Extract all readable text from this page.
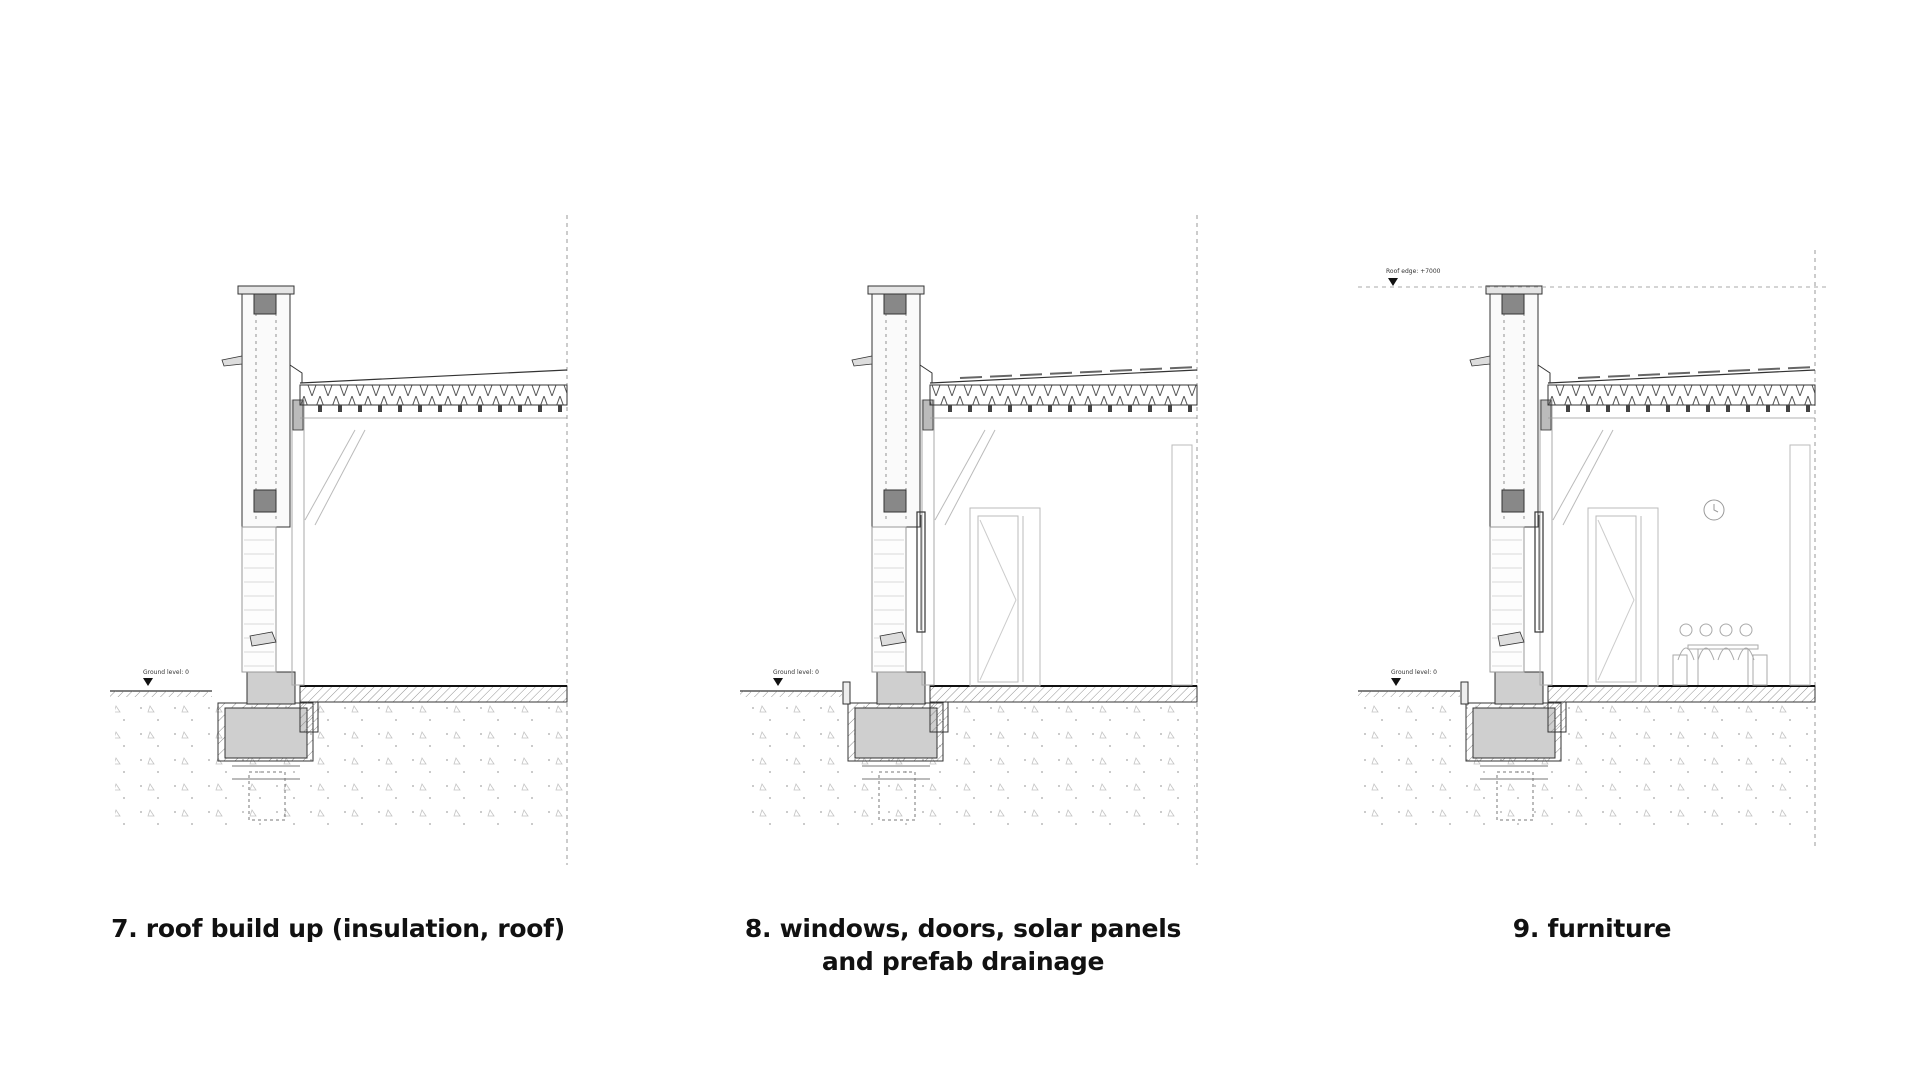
Ground level: 0	Ground level: 0	Ground level: 0
Roof edge: +7000
7. roof build up (insulation, roof)	8. windows, doors, solar panels
and prefab drainage
9. furniture
